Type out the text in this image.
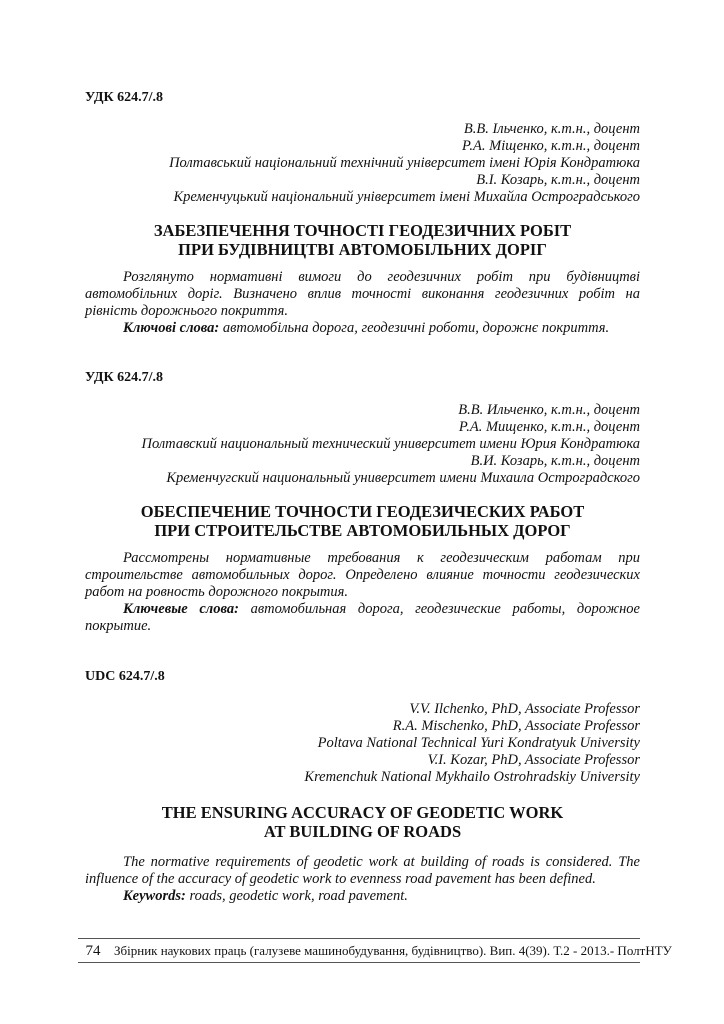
УДК 624.7/.8
В.В. Ільченко, к.т.н., доцент
Р.А. Міщенко, к.т.н., доцент
Полтавський національний технічний університет імені Юрія Кондратюка
В.І. Козарь, к.т.н., доцент
Кременчуцький національний університет імені Михайла Остроградського
ЗАБЕЗПЕЧЕННЯ ТОЧНОСТІ ГЕОДЕЗИЧНИХ РОБІТ
ПРИ БУДІВНИЦТВІ АВТОМОБІЛЬНИХ ДОРІГ

Розглянуто нормативні вимоги до геодезичних робіт при будівництві автомобільних доріг. Визначено вплив точності виконання геодезичних робіт на рівність дорожнього покриття.

Ключові слова: автомобільна дорога, геодезичні роботи, дорожнє покриття.

УДК 624.7/.8
В.В. Ильченко, к.т.н., доцент
Р.А. Мищенко, к.т.н., доцент
Полтавский национальный технический университет имени Юрия Кондратюка
В.И. Козарь, к.т.н., доцент
Кременчугский национальный университет имени Михаила Остроградского
ОБЕСПЕЧЕНИЕ ТОЧНОСТИ ГЕОДЕЗИЧЕСКИХ РАБОТ
ПРИ СТРОИТЕЛЬСТВЕ АВТОМОБИЛЬНЫХ ДОРОГ

Рассмотрены нормативные требования к геодезическим работам при строительстве автомобильных дорог. Определено влияние точности геодезических работ на ровность дорожного покрытия.

Ключевые слова: автомобильная дорога, геодезические работы, дорожное покрытие.

UDC 624.7/.8
V.V. Ilchenko, PhD, Associate Professor
R.A. Mischenko, PhD, Associate Professor
Poltava National Technical Yuri Kondratyuk University
V.I. Kozar, PhD, Associate Professor
Kremenchuk National Mykhailo Ostrohradskiy University
THE ENSURING ACCURACY OF GEODETIC WORK
AT BUILDING OF ROADS

The normative requirements of geodetic work at building of roads is considered. The influence of the accuracy of geodetic work to evenness road pavement has been defined.

Keywords: roads, geodetic work, road pavement.

74 Збірник наукових праць (галузеве машинобудування, будівництво). Вип. 4(39). Т.2 - 2013.- ПолтНТУ
